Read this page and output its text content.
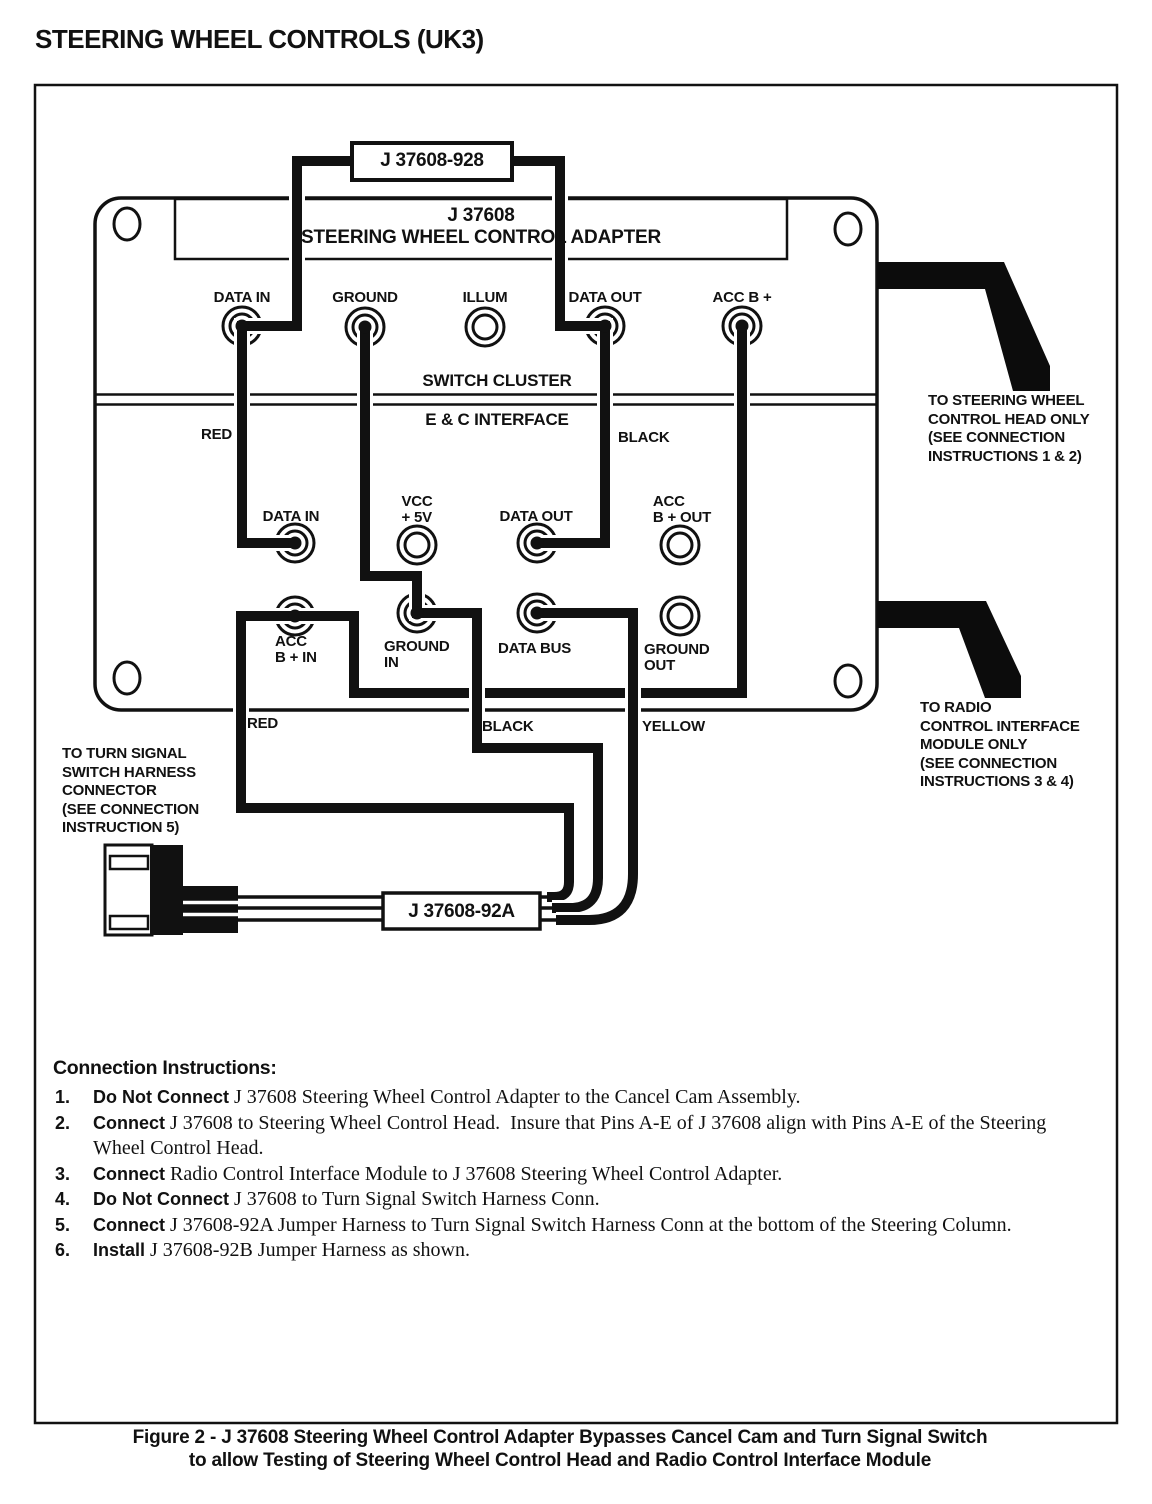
STEERING WHEEL CONTROLS (UK3)
J 37608-928
J 37608-92A
J 37608
STEERING WHEEL CONTROL ADAPTER
SWITCH CLUSTER
E & C INTERFACE
RED	BLACK
RED	BLACK	YELLOW
TO STEERING WHEEL
CONTROL HEAD ONLY
(SEE CONNECTION
INSTRUCTIONS 1 & 2)
TO RADIO
CONTROL INTERFACE
MODULE ONLY
(SEE CONNECTION
INSTRUCTIONS 3 & 4)
TO TURN SIGNAL
SWITCH HARNESS
CONNECTOR
(SEE CONNECTION
INSTRUCTION 5)
DATA IN	GROUND	ILLUM	DATA OUT	ACC B +
DATA IN
VCC
+ 5V	DATA OUT
ACC
B + OUT
ACC
B + IN
GROUND
IN
DATA BUS	GROUND
OUT
Connection Instructions:
1. Do Not Connect J 37608 Steering Wheel Control Adapter to the Cancel Cam Assembly.
2. Connect J 37608 to Steering Wheel Control Head.  Insure that Pins A-E of J 37608 align with Pins A-E of the Steering Wheel Control Head.
3. Connect Radio Control Interface Module to J 37608 Steering Wheel Control Adapter.
4. Do Not Connect J 37608 to Turn Signal Switch Harness Conn.
5. Connect J 37608-92A Jumper Harness to Turn Signal Switch Harness Conn at the bottom of the Steering Column.
6. Install J 37608-92B Jumper Harness as shown.
Figure 2 - J 37608 Steering Wheel Control Adapter Bypasses Cancel Cam and Turn Signal Switch
to allow Testing of Steering Wheel Control Head and Radio Control Interface Module
